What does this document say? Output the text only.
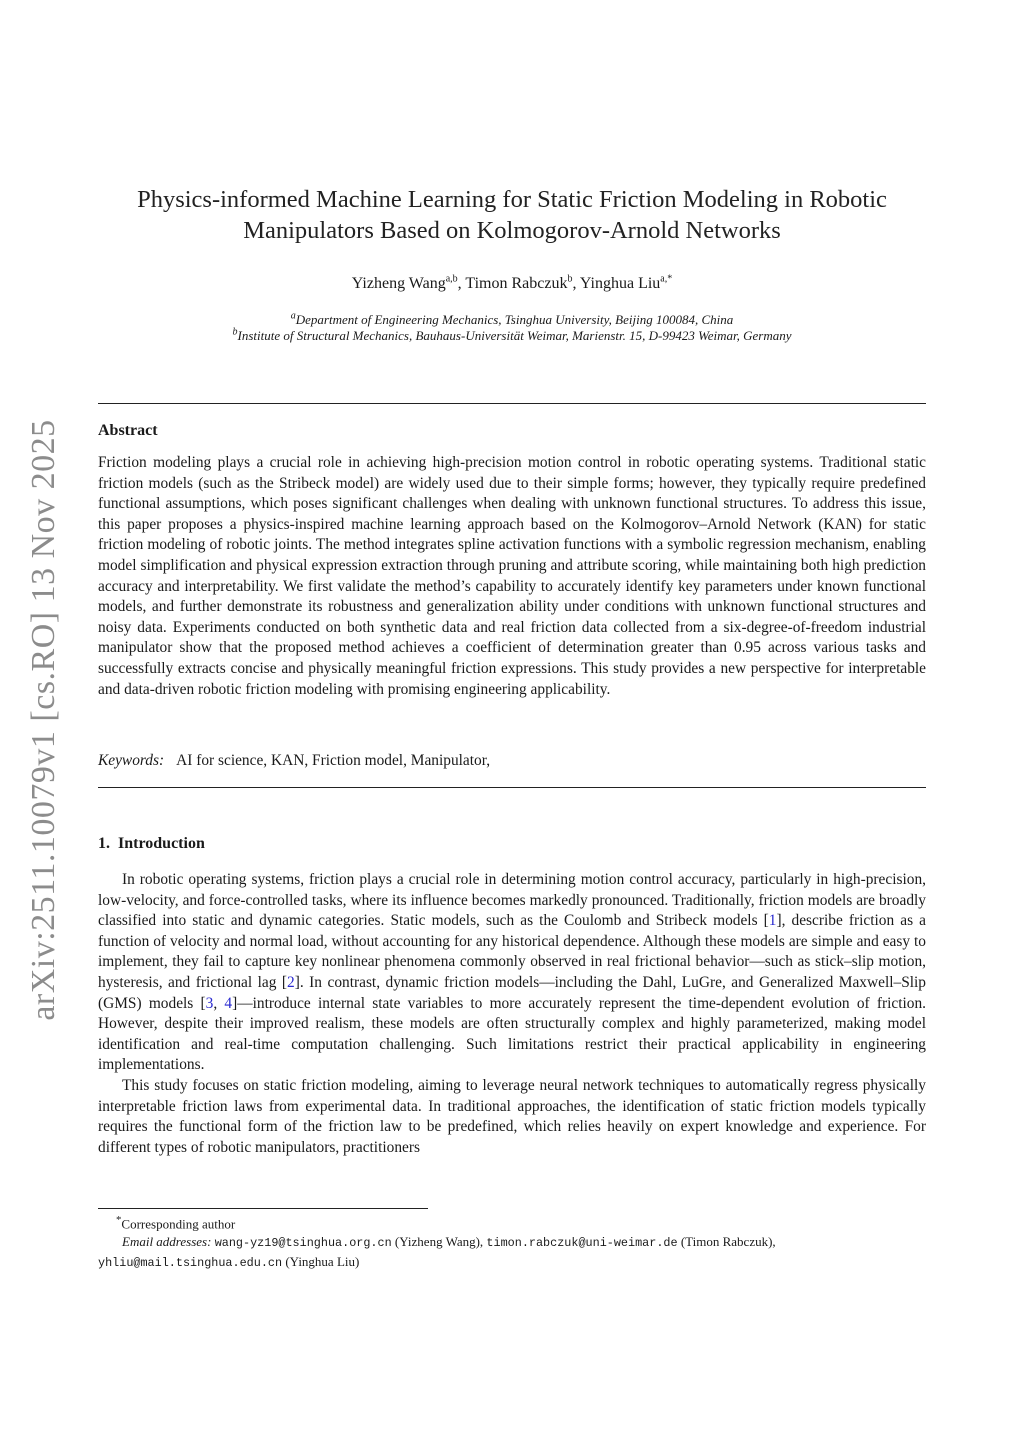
arXiv:2511.10079v1 [cs.RO] 13 Nov 2025
Physics-informed Machine Learning for Static Friction Modeling in Robotic
Manipulators Based on Kolmogorov-Arnold Networks
Yizheng Wang$^{a,b}$, Timon Rabczuk$^b$, Yinghua Liu$^{a,*}$
$^a$Department of Engineering Mechanics, Tsinghua University, Beijing 100084, China
$^b$Institute of Structural Mechanics, Bauhaus-Universität Weimar, Marienstr. 15, D-99423 Weimar, Germany
Abstract
Friction modeling plays a crucial role in achieving high-precision motion control in robotic operating systems. Traditional static friction models (such as the Stribeck model) are widely used due to their simple forms; however, they typically require predefined functional assumptions, which poses significant challenges when dealing with unknown functional structures. To address this issue, this paper proposes a physics-inspired machine learning approach based on the Kolmogorov–Arnold Network (KAN) for static friction modeling of robotic joints. The method integrates spline activation functions with a symbolic regression mechanism, enabling model simplification and physical expression extraction through pruning and attribute scoring, while maintaining both high prediction accuracy and interpretability. We first validate the method’s capability to accurately identify key parameters under known functional models, and further demonstrate its robustness and generalization ability under conditions with unknown functional structures and noisy data. Experiments conducted on both synthetic data and real friction data collected from a six-degree-of-freedom industrial manipulator show that the proposed method achieves a coefficient of determination greater than 0.95 across various tasks and successfully extracts concise and physically meaningful friction expressions. This study provides a new perspective for interpretable and data-driven robotic friction modeling with promising engineering applicability.
Keywords: AI for science, KAN, Friction model, Manipulator,
1. Introduction

In robotic operating systems, friction plays a crucial role in determining motion control accuracy, particularly in high-precision, low-velocity, and force-controlled tasks, where its influence becomes markedly pronounced. Traditionally, friction models are broadly classified into static and dynamic categories. Static models, such as the Coulomb and Stribeck models [1], describe friction as a function of velocity and normal load, without accounting for any historical dependence. Although these models are simple and easy to implement, they fail to capture key nonlinear phenomena commonly observed in real frictional behavior—such as stick–slip motion, hysteresis, and frictional lag [2]. In contrast, dynamic friction models—including the Dahl, LuGre, and Generalized Maxwell–Slip (GMS) models [3, 4]—introduce internal state variables to more accurately represent the time-dependent evolution of friction. However, despite their improved realism, these models are often structurally complex and highly parameterized, making model identification and real-time computation challenging. Such limitations restrict their practical applicability in engineering implementations.

This study focuses on static friction modeling, aiming to leverage neural network techniques to automatically regress physically interpretable friction laws from experimental data. In traditional approaches, the identification of static friction models typically requires the functional form of the friction law to be predefined, which relies heavily on expert knowledge and experience. For different types of robotic manipulators, practitioners

*Corresponding author
Email addresses: wang-yz19@tsinghua.org.cn (Yizheng Wang), timon.rabczuk@uni-weimar.de (Timon Rabczuk),
yhliu@mail.tsinghua.edu.cn (Yinghua Liu)
